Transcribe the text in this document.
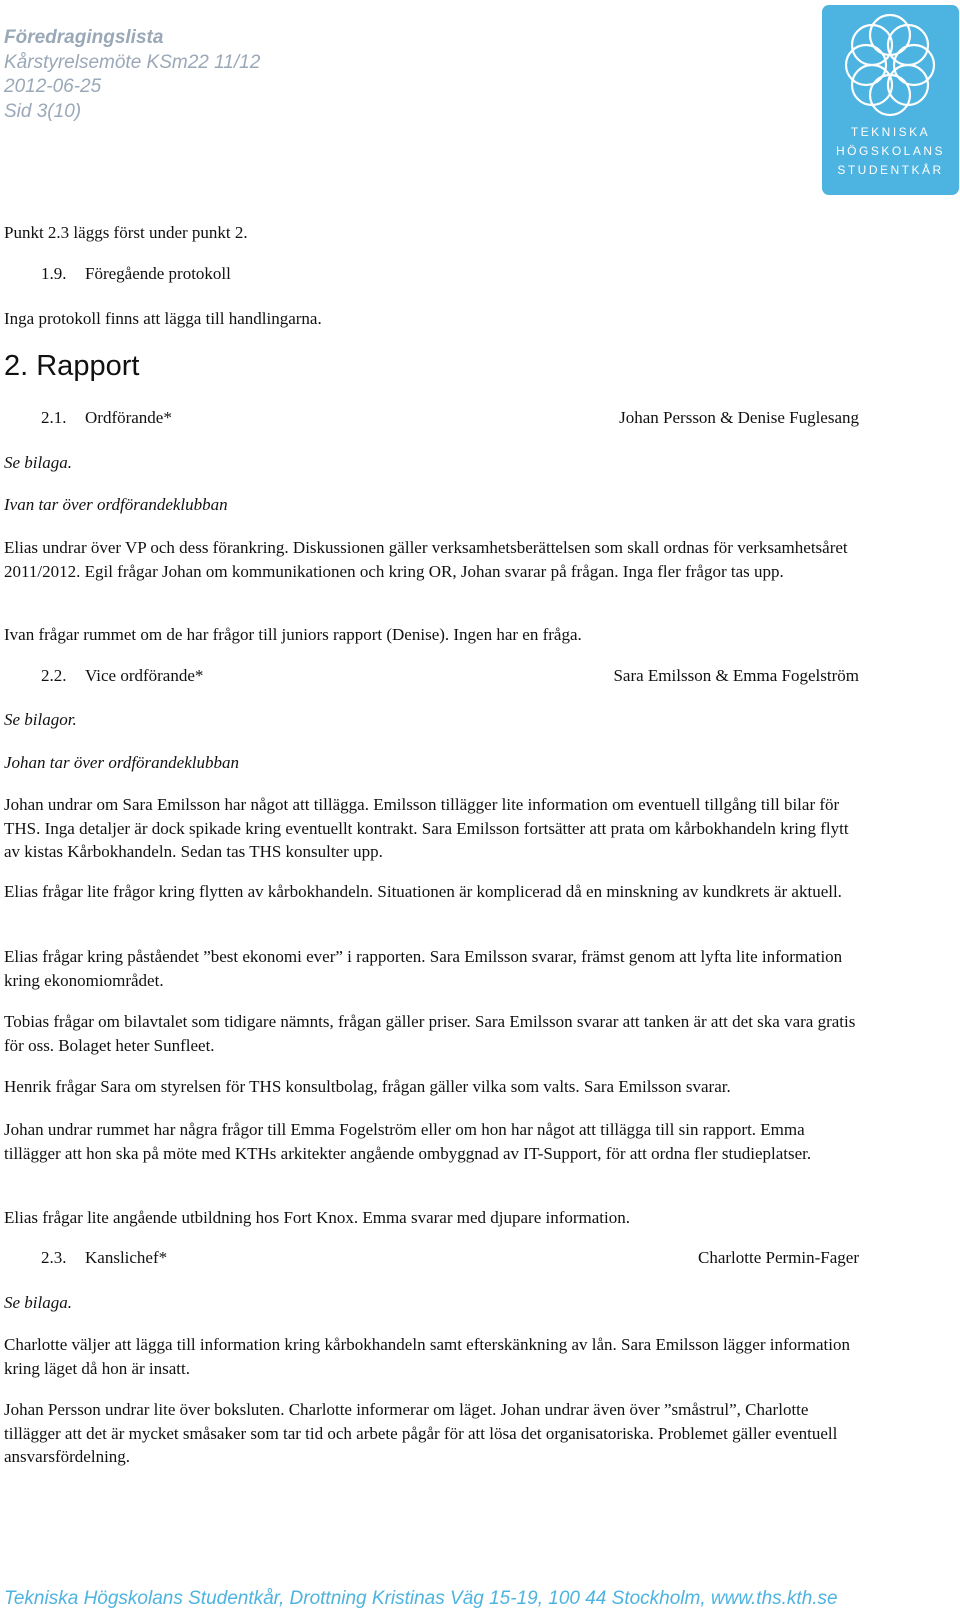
Föredragingslista
Kårstyrelsemöte KSm22 11/12
2012-06-25
Sid 3(10)
TEKNISKA
HÖGSKOLANS
STUDENTKÅR
Punkt 2.3 läggs först under punkt 2.
1.9. Föregående protokoll
Inga protokoll finns att lägga till handlingarna.
2. Rapport
2.1. Ordförande*	Johan Persson & Denise Fuglesang
Se bilaga.
Ivan tar över ordförandeklubban
Elias undrar över VP och dess förankring. Diskussionen gäller verksamhetsberättelsen som skall ordnas för verksamhetsåret 2011/2012. Egil frågar Johan om kommunikationen och kring OR, Johan svarar på frågan. Inga fler frågor tas upp.
Ivan frågar rummet om de har frågor till juniors rapport (Denise). Ingen har en fråga.
2.2. Vice ordförande*	Sara Emilsson & Emma Fogelström
Se bilagor.
Johan tar över ordförandeklubban
Johan undrar om Sara Emilsson har något att tillägga. Emilsson tillägger lite information om eventuell tillgång till bilar för THS. Inga detaljer är dock spikade kring eventuellt kontrakt. Sara Emilsson fortsätter att prata om kårbokhandeln kring flytt av kistas Kårbokhandeln. Sedan tas THS konsulter upp.
Elias frågar lite frågor kring flytten av kårbokhandeln. Situationen är komplicerad då en minskning av kundkrets är aktuell.
Elias frågar kring påståendet ”best ekonomi ever” i rapporten. Sara Emilsson svarar, främst genom att lyfta lite information kring ekonomiområdet.
Tobias frågar om bilavtalet som tidigare nämnts, frågan gäller priser. Sara Emilsson svarar att tanken är att det ska vara gratis för oss. Bolaget heter Sunfleet.
Henrik frågar Sara om styrelsen för THS konsultbolag, frågan gäller vilka som valts. Sara Emilsson svarar.
Johan undrar rummet har några frågor till Emma Fogelström eller om hon har något att tillägga till sin rapport. Emma tillägger att hon ska på möte med KTHs arkitekter angående ombyggnad av IT-Support, för att ordna fler studieplatser.
Elias frågar lite angående utbildning hos Fort Knox. Emma svarar med djupare information.
2.3. Kanslichef*	Charlotte Permin-Fager
Se bilaga.
Charlotte väljer att lägga till information kring kårbokhandeln samt efterskänkning av lån. Sara Emilsson lägger information kring läget då hon är insatt.
Johan Persson undrar lite över boksluten. Charlotte informerar om läget. Johan undrar även över ”småstrul”, Charlotte tillägger att det är mycket småsaker som tar tid och arbete pågår för att lösa det organisatoriska. Problemet gäller eventuell ansvarsfördelning.
Tekniska Högskolans Studentkår, Drottning Kristinas Väg 15-19, 100 44 Stockholm, www.ths.kth.se
